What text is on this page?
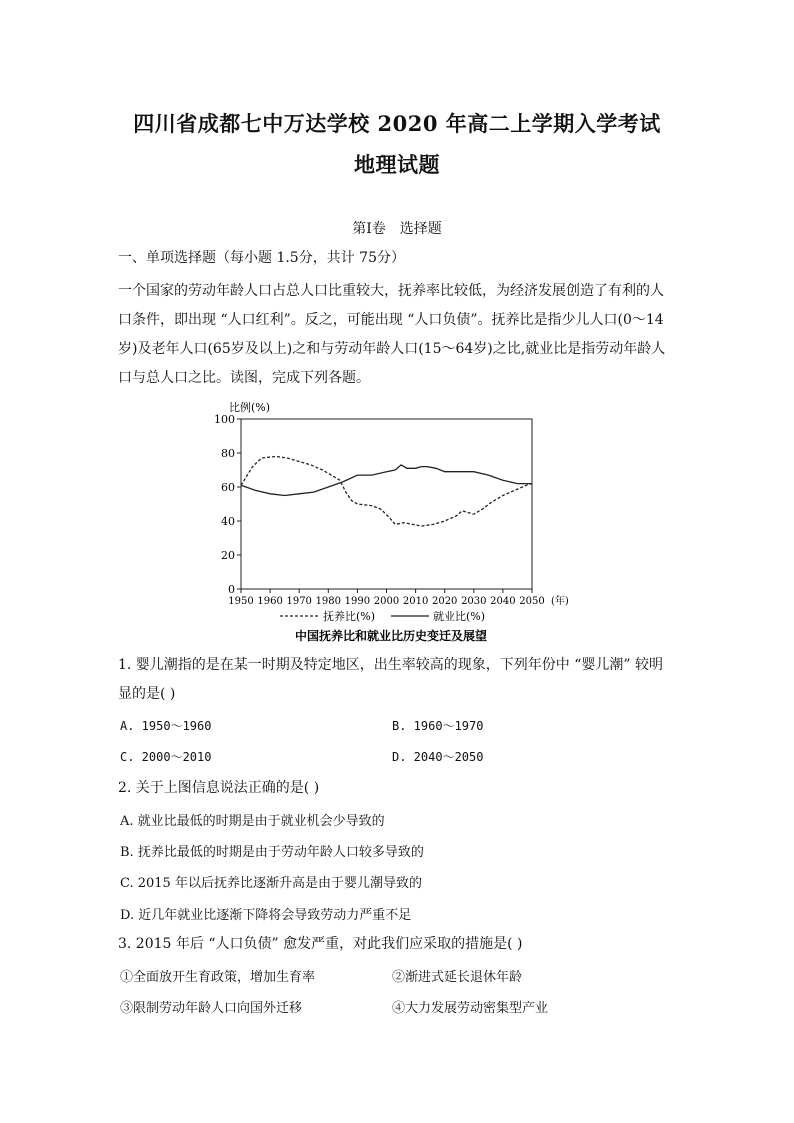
四川省成都七中万达学校 2020 年高二上学期入学考试
地理试题
第Ⅰ卷　选择题
一、单项选择题（每小题 1.5分，共计 75分）
一个国家的劳动年龄人口占总人口比重较大，抚养率比较低，为经济发展创造了有利的人
口条件，即出现 “人口红利”。反之，可能出现 “人口负债”。抚养比是指少儿人口(0～14
岁)及老年人口(65岁及以上)之和与劳动年龄人口(15～64岁)之比,就业比是指劳动年龄人
口与总人口之比。读图，完成下列各题。
比例(%)
0
20
40
60
80
100
1950 1960 1970 1980 1990 2000 2010 2020 2030 2040 2050 (年)
抚养比(%)	就业比(%)
中国抚养比和就业比历史变迁及展望
1. 婴儿潮指的是在某一时期及特定地区，出生率较高的现象，下列年份中 “婴儿潮” 较明
显的是( )
A. 1950～1960	B. 1960～1970
C. 2000～2010	D. 2040～2050
2. 关于上图信息说法正确的是( )
A. 就业比最低的时期是由于就业机会少导致的
B. 抚养比最低的时期是由于劳动年龄人口较多导致的
C. 2015 年以后抚养比逐渐升高是由于婴儿潮导致的
D. 近几年就业比逐渐下降将会导致劳动力严重不足
3. 2015 年后 “人口负债” 愈发严重，对此我们应采取的措施是( )
①全面放开生育政策，增加生育率	②渐进式延长退休年龄
③限制劳动年龄人口向国外迁移	④大力发展劳动密集型产业
